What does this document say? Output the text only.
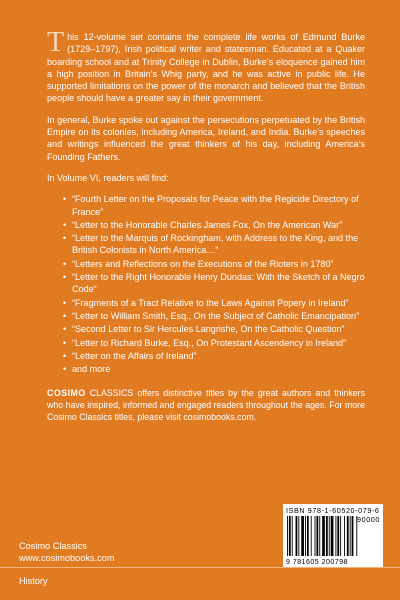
This 12-volume set contains the complete life works of Edmund Burke (1729–1797), Irish political writer and statesman. Educated at a Quaker boarding school and at Trinity College in Dublin, Burke’s eloquence gained him a high position in Britain’s Whig party, and he was active in public life. He supported limitations on the power of the monarch and believed that the British people should have a greater say in their government.

In general, Burke spoke out against the persecutions perpetuated by the British Empire on its colonies, including America, Ireland, and India. Burke’s speeches and writings influenced the great thinkers of his day, including America’s Founding Fathers.

In Volume VI, readers will find:

• “Fourth Letter on the Proposals for Peace with the Regicide Directory of France”
• “Letter to the Honorable Charles James Fox, On the American War”
• “Letter to the Marquis of Rockingham, with Address to the King, and the British Colonists in North America…”
• “Letters and Reflections on the Executions of the Rioters in 1780”
• “Letter to the Right Honorable Henry Dundas: With the Sketch of a Negro Code”
• “Fragments of a Tract Relative to the Laws Against Popery in Ireland”
• “Letter to William Smith, Esq., On the Subject of Catholic Emancipation”
• “Second Letter to Sir Hercules Langrishe, On the Catholic Question”
• “Letter to Richard Burke, Esq., On Protestant Ascendency in Ireland”
• “Letter on the Affairs of Ireland”
• and more

COSIMO CLASSICS offers distinctive titles by the great authors and thinkers who have inspired, informed and engaged readers throughout the ages. For more Cosimo Classics titles, please visit cosimobooks.com.

ISBN 978-1-60520-079-6
90000
9 781605 200798
Cosimo Classics
www.cosimobooks.com
History
